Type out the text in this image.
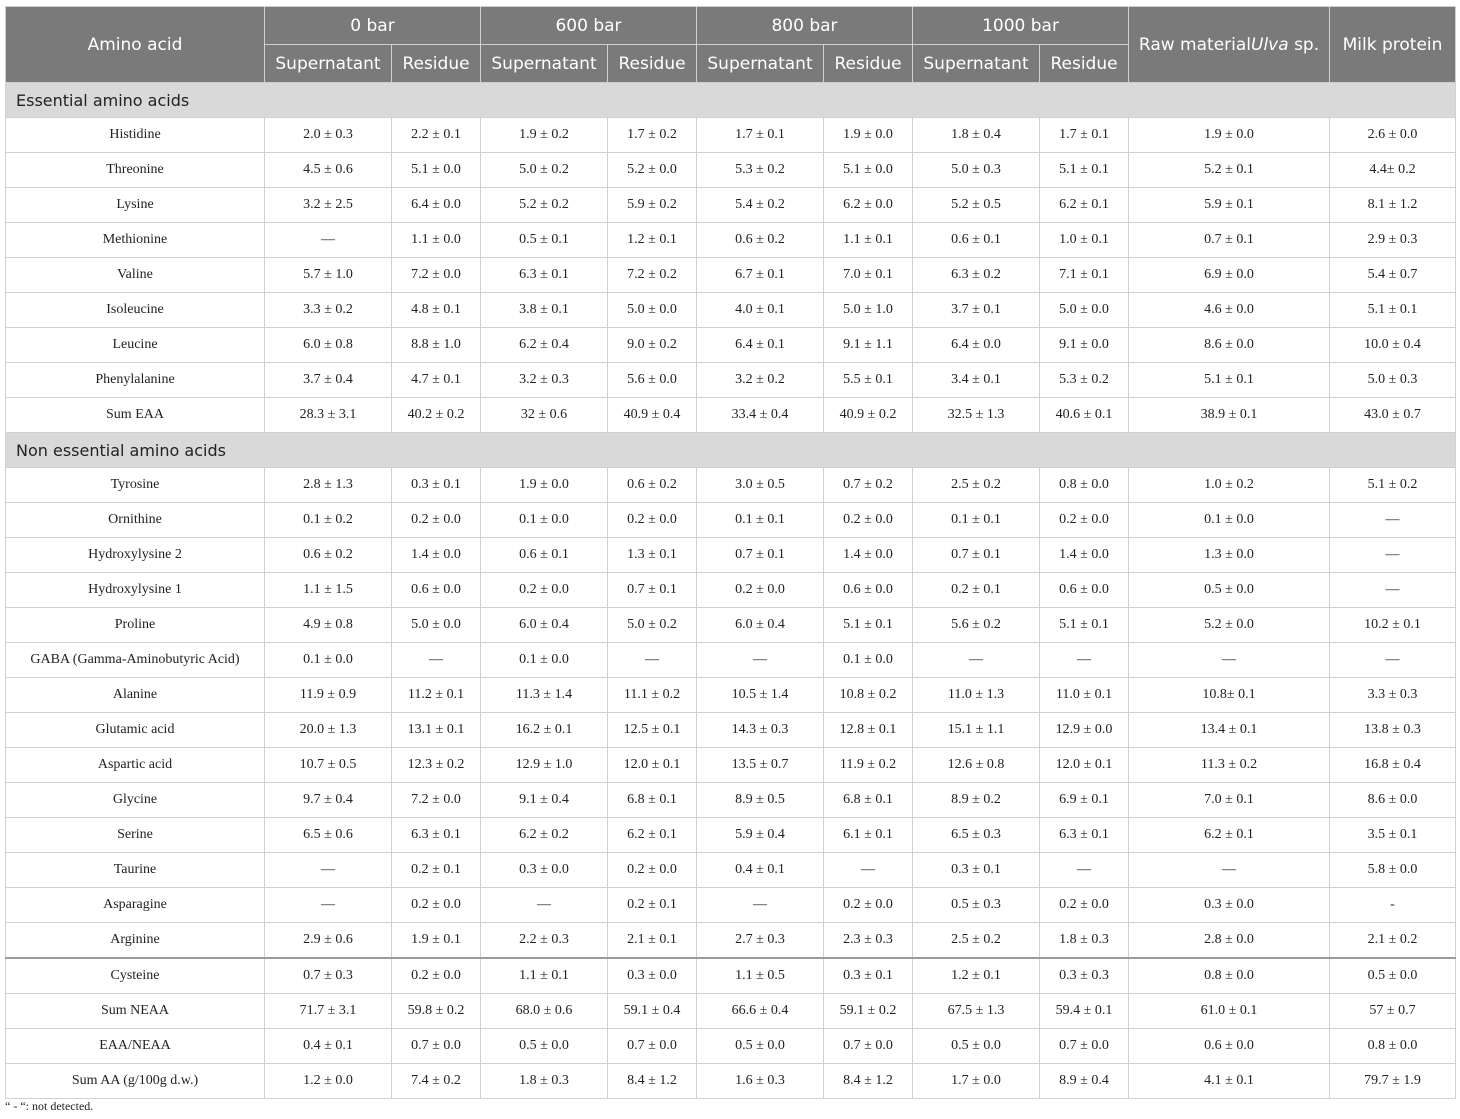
Amino acid	0 bar		600 bar		800 bar		1000 bar		Raw materialUlva sp.	Milk protein
	Supernatant	Residue	Supernatant	Residue	Supernatant	Residue	Supernatant	Residue		
Essential amino acids										
Histidine	2.0 ± 0.3	2.2 ± 0.1	1.9 ± 0.2	1.7 ± 0.2	1.7 ± 0.1	1.9 ± 0.0	1.8 ± 0.4	1.7 ± 0.1	1.9 ± 0.0	2.6 ± 0.0
Threonine	4.5 ± 0.6	5.1 ± 0.0	5.0 ± 0.2	5.2 ± 0.0	5.3 ± 0.2	5.1 ± 0.0	5.0 ± 0.3	5.1 ± 0.1	5.2 ± 0.1	4.4± 0.2
Lysine	3.2 ± 2.5	6.4 ± 0.0	5.2 ± 0.2	5.9 ± 0.2	5.4 ± 0.2	6.2 ± 0.0	5.2 ± 0.5	6.2 ± 0.1	5.9 ± 0.1	8.1 ± 1.2
Methionine	—	1.1 ± 0.0	0.5 ± 0.1	1.2 ± 0.1	0.6 ± 0.2	1.1 ± 0.1	0.6 ± 0.1	1.0 ± 0.1	0.7 ± 0.1	2.9 ± 0.3
Valine	5.7 ± 1.0	7.2 ± 0.0	6.3 ± 0.1	7.2 ± 0.2	6.7 ± 0.1	7.0 ± 0.1	6.3 ± 0.2	7.1 ± 0.1	6.9 ± 0.0	5.4 ± 0.7
Isoleucine	3.3 ± 0.2	4.8 ± 0.1	3.8 ± 0.1	5.0 ± 0.0	4.0 ± 0.1	5.0 ± 1.0	3.7 ± 0.1	5.0 ± 0.0	4.6 ± 0.0	5.1 ± 0.1
Leucine	6.0 ± 0.8	8.8 ± 1.0	6.2 ± 0.4	9.0 ± 0.2	6.4 ± 0.1	9.1 ± 1.1	6.4 ± 0.0	9.1 ± 0.0	8.6 ± 0.0	10.0 ± 0.4
Phenylalanine	3.7 ± 0.4	4.7 ± 0.1	3.2 ± 0.3	5.6 ± 0.0	3.2 ± 0.2	5.5 ± 0.1	3.4 ± 0.1	5.3 ± 0.2	5.1 ± 0.1	5.0 ± 0.3
Sum EAA	28.3 ± 3.1	40.2 ± 0.2	32 ± 0.6	40.9 ± 0.4	33.4 ± 0.4	40.9 ± 0.2	32.5 ± 1.3	40.6 ± 0.1	38.9 ± 0.1	43.0 ± 0.7
Non essential amino acids										
Tyrosine	2.8 ± 1.3	0.3 ± 0.1	1.9 ± 0.0	0.6 ± 0.2	3.0 ± 0.5	0.7 ± 0.2	2.5 ± 0.2	0.8 ± 0.0	1.0 ± 0.2	5.1 ± 0.2
Ornithine	0.1 ± 0.2	0.2 ± 0.0	0.1 ± 0.0	0.2 ± 0.0	0.1 ± 0.1	0.2 ± 0.0	0.1 ± 0.1	0.2 ± 0.0	0.1 ± 0.0	—
Hydroxylysine 2	0.6 ± 0.2	1.4 ± 0.0	0.6 ± 0.1	1.3 ± 0.1	0.7 ± 0.1	1.4 ± 0.0	0.7 ± 0.1	1.4 ± 0.0	1.3 ± 0.0	—
Hydroxylysine 1	1.1 ± 1.5	0.6 ± 0.0	0.2 ± 0.0	0.7 ± 0.1	0.2 ± 0.0	0.6 ± 0.0	0.2 ± 0.1	0.6 ± 0.0	0.5 ± 0.0	—
Proline	4.9 ± 0.8	5.0 ± 0.0	6.0 ± 0.4	5.0 ± 0.2	6.0 ± 0.4	5.1 ± 0.1	5.6 ± 0.2	5.1 ± 0.1	5.2 ± 0.0	10.2 ± 0.1
GABA (Gamma-Aminobutyric Acid)	0.1 ± 0.0	—	0.1 ± 0.0	—	—	0.1 ± 0.0	—	—	—	—
Alanine	11.9 ± 0.9	11.2 ± 0.1	11.3 ± 1.4	11.1 ± 0.2	10.5 ± 1.4	10.8 ± 0.2	11.0 ± 1.3	11.0 ± 0.1	10.8± 0.1	3.3 ± 0.3
Glutamic acid	20.0 ± 1.3	13.1 ± 0.1	16.2 ± 0.1	12.5 ± 0.1	14.3 ± 0.3	12.8 ± 0.1	15.1 ± 1.1	12.9 ± 0.0	13.4 ± 0.1	13.8 ± 0.3
Aspartic acid	10.7 ± 0.5	12.3 ± 0.2	12.9 ± 1.0	12.0 ± 0.1	13.5 ± 0.7	11.9 ± 0.2	12.6 ± 0.8	12.0 ± 0.1	11.3 ± 0.2	16.8 ± 0.4
Glycine	9.7 ± 0.4	7.2 ± 0.0	9.1 ± 0.4	6.8 ± 0.1	8.9 ± 0.5	6.8 ± 0.1	8.9 ± 0.2	6.9 ± 0.1	7.0 ± 0.1	8.6 ± 0.0
Serine	6.5 ± 0.6	6.3 ± 0.1	6.2 ± 0.2	6.2 ± 0.1	5.9 ± 0.4	6.1 ± 0.1	6.5 ± 0.3	6.3 ± 0.1	6.2 ± 0.1	3.5 ± 0.1
Taurine	—	0.2 ± 0.1	0.3 ± 0.0	0.2 ± 0.0	0.4 ± 0.1	—	0.3 ± 0.1	—	—	5.8 ± 0.0
Asparagine	—	0.2 ± 0.0	—	0.2 ± 0.1	—	0.2 ± 0.0	0.5 ± 0.3	0.2 ± 0.0	0.3 ± 0.0	-
Arginine	2.9 ± 0.6	1.9 ± 0.1	2.2 ± 0.3	2.1 ± 0.1	2.7 ± 0.3	2.3 ± 0.3	2.5 ± 0.2	1.8 ± 0.3	2.8 ± 0.0	2.1 ± 0.2
Cysteine	0.7 ± 0.3	0.2 ± 0.0	1.1 ± 0.1	0.3 ± 0.0	1.1 ± 0.5	0.3 ± 0.1	1.2 ± 0.1	0.3 ± 0.3	0.8 ± 0.0	0.5 ± 0.0
Sum NEAA	71.7 ± 3.1	59.8 ± 0.2	68.0 ± 0.6	59.1 ± 0.4	66.6 ± 0.4	59.1 ± 0.2	67.5 ± 1.3	59.4 ± 0.1	61.0 ± 0.1	57 ± 0.7
EAA/NEAA	0.4 ± 0.1	0.7 ± 0.0	0.5 ± 0.0	0.7 ± 0.0	0.5 ± 0.0	0.7 ± 0.0	0.5 ± 0.0	0.7 ± 0.0	0.6 ± 0.0	0.8 ± 0.0
Sum AA (g/100g d.w.)	1.2 ± 0.0	7.4 ± 0.2	1.8 ± 0.3	8.4 ± 1.2	1.6 ± 0.3	8.4 ± 1.2	1.7 ± 0.0	8.9 ± 0.4	4.1 ± 0.1	79.7 ± 1.9
“ - “: not detected.
